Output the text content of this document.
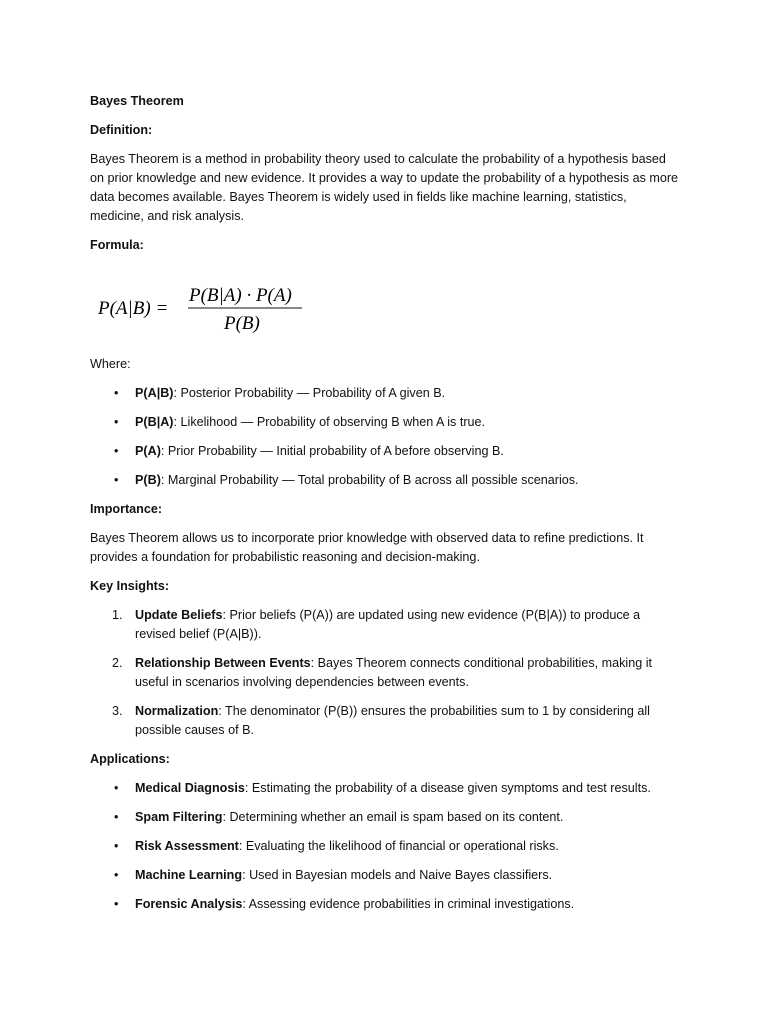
Bayes Theorem
Definition:
Bayes Theorem is a method in probability theory used to calculate the probability of a hypothesis based on prior knowledge and new evidence. It provides a way to update the probability of a hypothesis as more data becomes available. Bayes Theorem is widely used in fields like machine learning, statistics, medicine, and risk analysis.
Formula:
P(A|B) =
P(B|A) · P(A)
P(B)
Where:
• P(A|B): Posterior Probability — Probability of A given B.
• P(B|A): Likelihood — Probability of observing B when A is true.
• P(A): Prior Probability — Initial probability of A before observing B.
• P(B): Marginal Probability — Total probability of B across all possible scenarios.
Importance:
Bayes Theorem allows us to incorporate prior knowledge with observed data to refine predictions. It provides a foundation for probabilistic reasoning and decision-making.
Key Insights:
1. Update Beliefs: Prior beliefs (P(A)) are updated using new evidence (P(B|A)) to produce a revised belief (P(A|B)).
2. Relationship Between Events: Bayes Theorem connects conditional probabilities, making it useful in scenarios involving dependencies between events.
3. Normalization: The denominator (P(B)) ensures the probabilities sum to 1 by considering all possible causes of B.
Applications:
• Medical Diagnosis: Estimating the probability of a disease given symptoms and test results.
• Spam Filtering: Determining whether an email is spam based on its content.
• Risk Assessment: Evaluating the likelihood of financial or operational risks.
• Machine Learning: Used in Bayesian models and Naive Bayes classifiers.
• Forensic Analysis: Assessing evidence probabilities in criminal investigations.
